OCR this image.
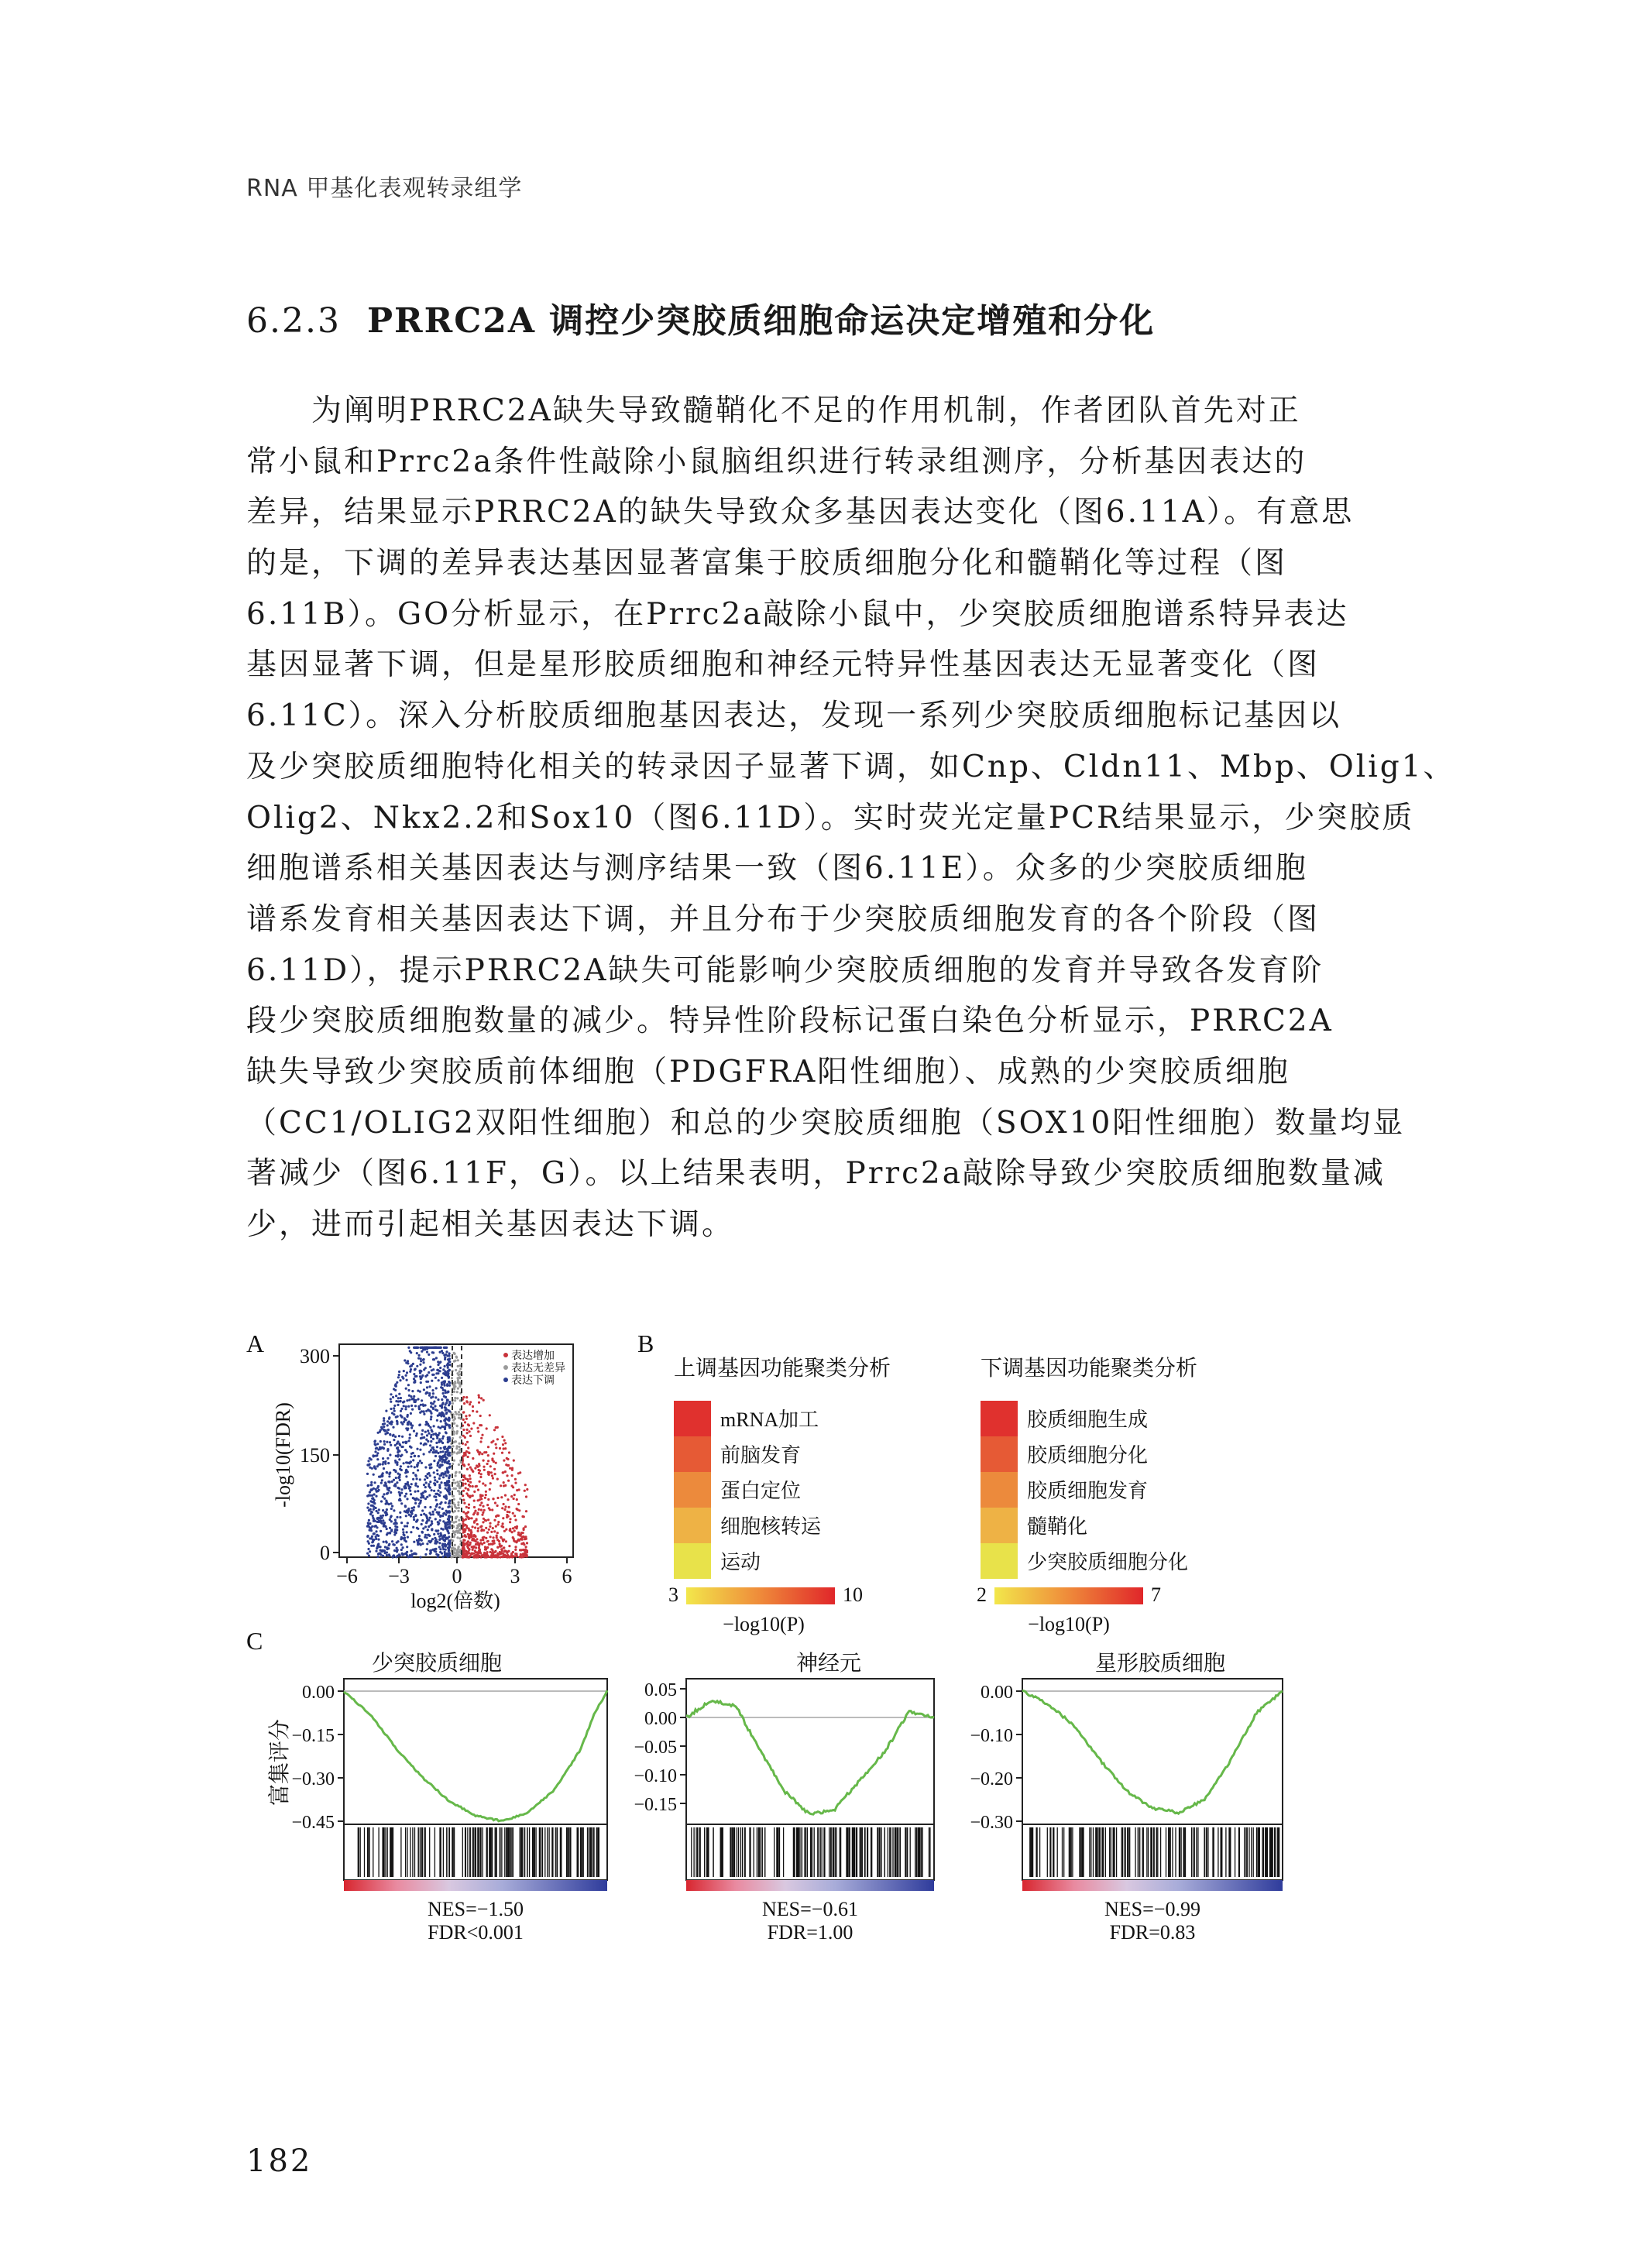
RNA 甲基化表观转录组学
6.2.3 PRRC2A 调控少突胶质细胞命运决定增殖和分化
为阐明PRRC2A缺失导致髓鞘化不足的作用机制，作者团队首先对正
常小鼠和Prrc2a条件性敲除小鼠脑组织进行转录组测序，分析基因表达的
差异，结果显示PRRC2A的缺失导致众多基因表达变化（图6.11A）。有意思
的是，下调的差异表达基因显著富集于胶质细胞分化和髓鞘化等过程（图
6.11B）。GO分析显示，在Prrc2a敲除小鼠中，少突胶质细胞谱系特异表达
基因显著下调，但是星形胶质细胞和神经元特异性基因表达无显著变化（图
6.11C）。深入分析胶质细胞基因表达，发现一系列少突胶质细胞标记基因以
及少突胶质细胞特化相关的转录因子显著下调，如Cnp、Cldn11、Mbp、Olig1、
Olig2、Nkx2.2和Sox10（图6.11D）。实时荧光定量PCR结果显示，少突胶质
细胞谱系相关基因表达与测序结果一致（图6.11E）。众多的少突胶质细胞
谱系发育相关基因表达下调，并且分布于少突胶质细胞发育的各个阶段（图
6.11D），提示PRRC2A缺失可能影响少突胶质细胞的发育并导致各发育阶
段少突胶质细胞数量的减少。特异性阶段标记蛋白染色分析显示，PRRC2A
缺失导致少突胶质前体细胞（PDGFRA阳性细胞）、成熟的少突胶质细胞
（CC1/OLIG2双阳性细胞）和总的少突胶质细胞（SOX10阳性细胞）数量均显
著减少（图6.11F，G）。以上结果表明，Prrc2a敲除导致少突胶质细胞数量减
少，进而引起相关基因表达下调。
A	表达增加
表达无差异
表达下调
300
150
0
−6 −3 0 3 6
log2(倍数)
-log10(FDR)
B
上调基因功能聚类分析
mRNA加工
前脑发育
蛋白定位
细胞核转运
运动
3	10
−log10(P)
下调基因功能聚类分析
胶质细胞生成
胶质细胞分化
胶质细胞发育
髓鞘化
少突胶质细胞分化
2	7
−log10(P)
C
富集评分
少突胶质细胞
0.00
−0.15
−0.30
−0.45
NES=−1.50
FDR<0.001
神经元
0.05
0.00
−0.05
−0.10
−0.15
NES=−0.61
FDR=1.00
星形胶质细胞
0.00
−0.10
−0.20
−0.30
NES=−0.99
FDR=0.83
182
